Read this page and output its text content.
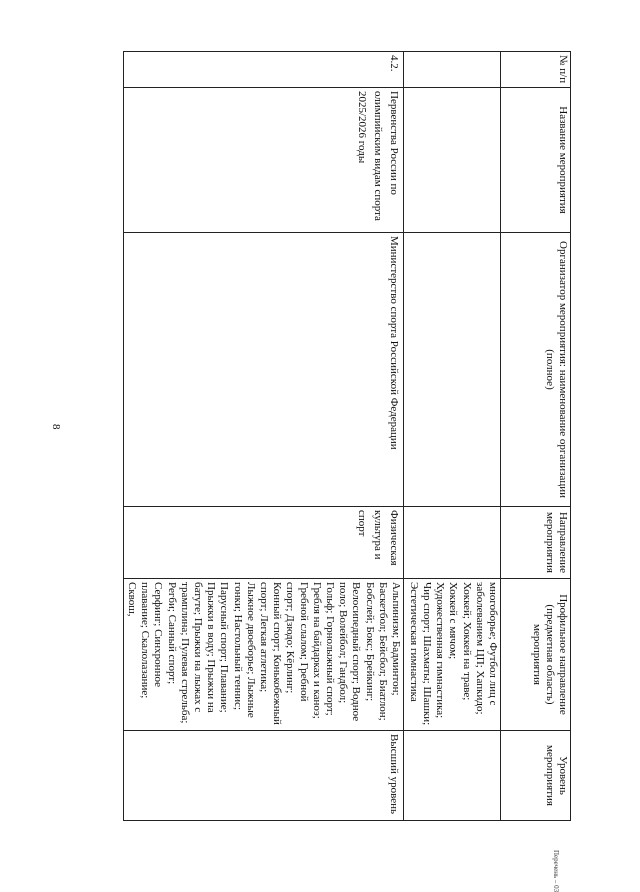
8
№ п/п	Название мероприятия	Организатор мероприятия: наименование организации (полное)	Направление мероприятия	Профильное направление (предметная область) мероприятия	Уровень мероприятия
				многоборье; Футбол лиц с заболеванием ЦП; Хапкидо; Хоккей; Хоккей на траве; Хоккей с мячом; Художественная гимнастика; Чир спорт; Шахматы; Шашки; Эстетическая гимнастика	
4.2.	Первенства России по олимпийским видам спорта 2025/2026 годы	Министерство спорта Российской Федерации	Физическая культура и спорт	Альпинизм; Бадминтон; Баскетбол; Бейсбол; Биатлон; Бобслей; Бокс; Брейкинг; Велосипедный спорт; Водное поло; Волейбол; Гандбол; Гольф; Горнолыжный спорт; Гребля на байдарках и каноэ; Гребной слалом; Гребной спорт; Дзюдо; Кёрлинг; Конный спорт; Конькобежный спорт; Легкая атлетика; Лыжное двоеборье; Лыжные гонки; Настольный теннис; Парусный спорт; Плавание; Прыжки в воду; Прыжки на батуте; Прыжки на лыжах с трамплина; Пулевая стрельба; Регби; Санный спорт; Серфинг; Синхронное плавание; Скалолазание; Сквош,	Высший уровень
Перечень – 03
